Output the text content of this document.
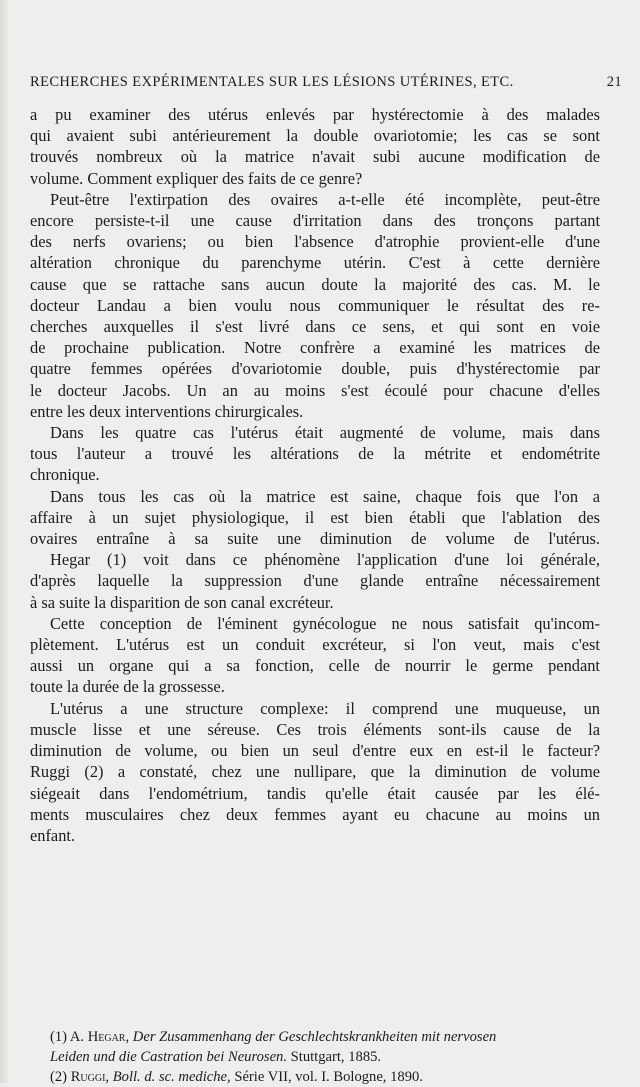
RECHERCHES EXPÉRIMENTALES SUR LES LÉSIONS UTÉRINES, ETC.	21
a pu examiner des utérus enlevés par hystérectomie à des malades
qui avaient subi antérieurement la double ovariotomie; les cas se sont
trouvés nombreux où la matrice n'avait subi aucune modification de
volume. Comment expliquer des faits de ce genre?
Peut-être l'extirpation des ovaires a-t-elle été incomplète, peut-être
encore persiste-t-il une cause d'irritation dans des tronçons partant
des nerfs ovariens; ou bien l'absence d'atrophie provient-elle d'une
altération chronique du parenchyme utérin. C'est à cette dernière
cause que se rattache sans aucun doute la majorité des cas. M. le
docteur Landau a bien voulu nous communiquer le résultat des re-
cherches auxquelles il s'est livré dans ce sens, et qui sont en voie
de prochaine publication. Notre confrère a examiné les matrices de
quatre femmes opérées d'ovariotomie double, puis d'hystérectomie par
le docteur Jacobs. Un an au moins s'est écoulé pour chacune d'elles
entre les deux interventions chirurgicales.
Dans les quatre cas l'utérus était augmenté de volume, mais dans
tous l'auteur a trouvé les altérations de la métrite et endométrite
chronique.
Dans tous les cas où la matrice est saine, chaque fois que l'on a
affaire à un sujet physiologique, il est bien établi que l'ablation des
ovaires entraîne à sa suite une diminution de volume de l'utérus.
Hegar (1) voit dans ce phénomène l'application d'une loi générale,
d'après laquelle la suppression d'une glande entraîne nécessairement
à sa suite la disparition de son canal excréteur.
Cette conception de l'éminent gynécologue ne nous satisfait qu'incom-
plètement. L'utérus est un conduit excréteur, si l'on veut, mais c'est
aussi un organe qui a sa fonction, celle de nourrir le germe pendant
toute la durée de la grossesse.
L'utérus a une structure complexe: il comprend une muqueuse, un
muscle lisse et une séreuse. Ces trois éléments sont-ils cause de la
diminution de volume, ou bien un seul d'entre eux en est-il le facteur?
Ruggi (2) a constaté, chez une nullipare, que la diminution de volume
siégeait dans l'endométrium, tandis qu'elle était causée par les élé-
ments musculaires chez deux femmes ayant eu chacune au moins un
enfant.
(1) A. Hegar, Der Zusammenhang der Geschlechtskrankheiten mit nervosen
Leiden und die Castration bei Neurosen. Stuttgart, 1885.
(2) Ruggi, Boll. d. sc. mediche, Série VII, vol. I. Bologne, 1890.
